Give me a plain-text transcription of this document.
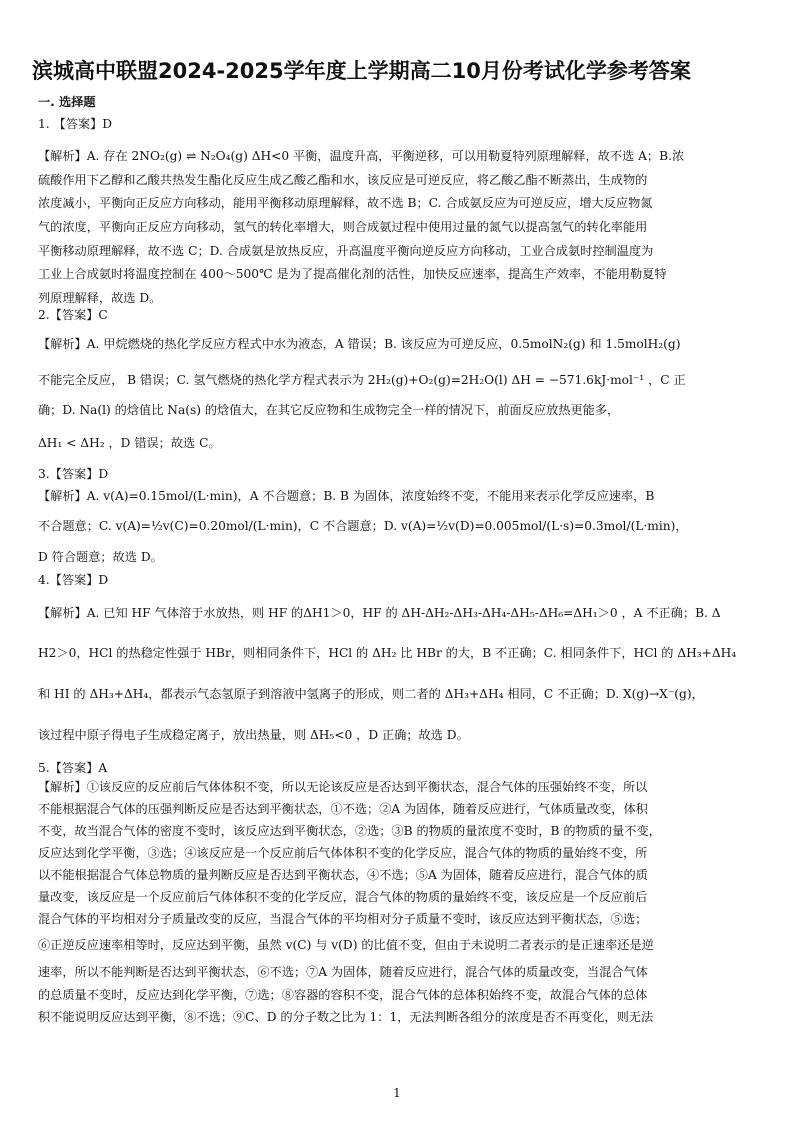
滨城高中联盟2024-2025学年度上学期高二10月份考试化学参考答案
一. 选择题
1. 【答案】D
【解析】A. 存在 2NO₂(g) ⇌ N₂O₄(g) ΔH<0 平衡，温度升高，平衡逆移，可以用勒夏特列原理解释，故不选 A；B.浓
硫酸作用下乙醇和乙酸共热发生酯化反应生成乙酸乙酯和水，该反应是可逆反应，将乙酸乙酯不断蒸出，生成物的
浓度减小，平衡向正反应方向移动，能用平衡移动原理解释，故不选 B；C. 合成氨反应为可逆反应，增大反应物氮
气的浓度，平衡向正反应方向移动，氢气的转化率增大，则合成氨过程中使用过量的氮气以提高氢气的转化率能用
平衡移动原理解释，故不选 C；D. 合成氨是放热反应，升高温度平衡向逆反应方向移动，工业合成氨时控制温度为
工业上合成氨时将温度控制在 400～500℃ 是为了提高催化剂的活性，加快反应速率，提高生产效率，不能用勒夏特
列原理解释，故选 D。
2.【答案】C
【解析】A. 甲烷燃烧的热化学反应方程式中水为液态，A 错误；B. 该反应为可逆反应，0.5molN₂(g) 和 1.5molH₂(g)
不能完全反应， B 错误；C. 氢气燃烧的热化学方程式表示为 2H₂(g)+O₂(g)=2H₂O(l) ΔH = −571.6kJ·mol⁻¹ ，C 正
确；D. Na(l) 的焓值比 Na(s) 的焓值大，在其它反应物和生成物完全一样的情况下，前面反应放热更能多，
ΔH₁ < ΔH₂ ，D 错误；故选 C。
3.【答案】D
【解析】A. v(A)=0.15mol/(L·min)，A 不合题意；B. B 为固体，浓度始终不变，不能用来表示化学反应速率，B
不合题意；C. v(A)=½v(C)=0.20mol/(L·min)，C 不合题意；D. v(A)=½v(D)=0.005mol/(L·s)=0.3mol/(L·min)，
D 符合题意；故选 D。
4.【答案】D
【解析】A. 已知 HF 气体溶于水放热，则 HF 的ΔH1＞0，HF 的 ΔH-ΔH₂-ΔH₃-ΔH₄-ΔH₅-ΔH₆=ΔH₁＞0 ，A 不正确；B. Δ
H2＞0，HCl 的热稳定性强于 HBr，则相同条件下，HCl 的 ΔH₂ 比 HBr 的大，B 不正确；C. 相同条件下，HCl 的 ΔH₃+ΔH₄
和 HI 的 ΔH₃+ΔH₄，都表示气态氢原子到溶液中氢离子的形成，则二者的 ΔH₃+ΔH₄ 相同，C 不正确；D. X(g)→X⁻(g)，
该过程中原子得电子生成稳定离子，放出热量，则 ΔH₅<0 ，D 正确；故选 D。
5.【答案】A
【解析】①该反应的反应前后气体体积不变，所以无论该反应是否达到平衡状态，混合气体的压强始终不变，所以
不能根据混合气体的压强判断反应是否达到平衡状态，①不选；②A 为固体，随着反应进行，气体质量改变，体积
不变，故当混合气体的密度不变时，该反应达到平衡状态，②选；③B 的物质的量浓度不变时，B 的物质的量不变，
反应达到化学平衡，③选；④该反应是一个反应前后气体体积不变的化学反应，混合气体的物质的量始终不变，所
以不能根据混合气体总物质的量判断反应是否达到平衡状态，④不选；⑤A 为固体，随着反应进行，混合气体的质
量改变，该反应是一个反应前后气体体积不变的化学反应，混合气体的物质的量始终不变，该反应是一个反应前后
混合气体的平均相对分子质量改变的反应，当混合气体的平均相对分子质量不变时，该反应达到平衡状态，⑤选；
⑥正逆反应速率相等时，反应达到平衡，虽然 v(C) 与 v(D) 的比值不变，但由于未说明二者表示的是正速率还是逆
速率，所以不能判断是否达到平衡状态，⑥不选；⑦A 为固体，随着反应进行，混合气体的质量改变，当混合气体
的总质量不变时，反应达到化学平衡，⑦选；⑧容器的容积不变，混合气体的总体积始终不变，故混合气体的总体
积不能说明反应达到平衡，⑧不选；⑨C、D 的分子数之比为 1：1，无法判断各组分的浓度是否不再变化，则无法
1
